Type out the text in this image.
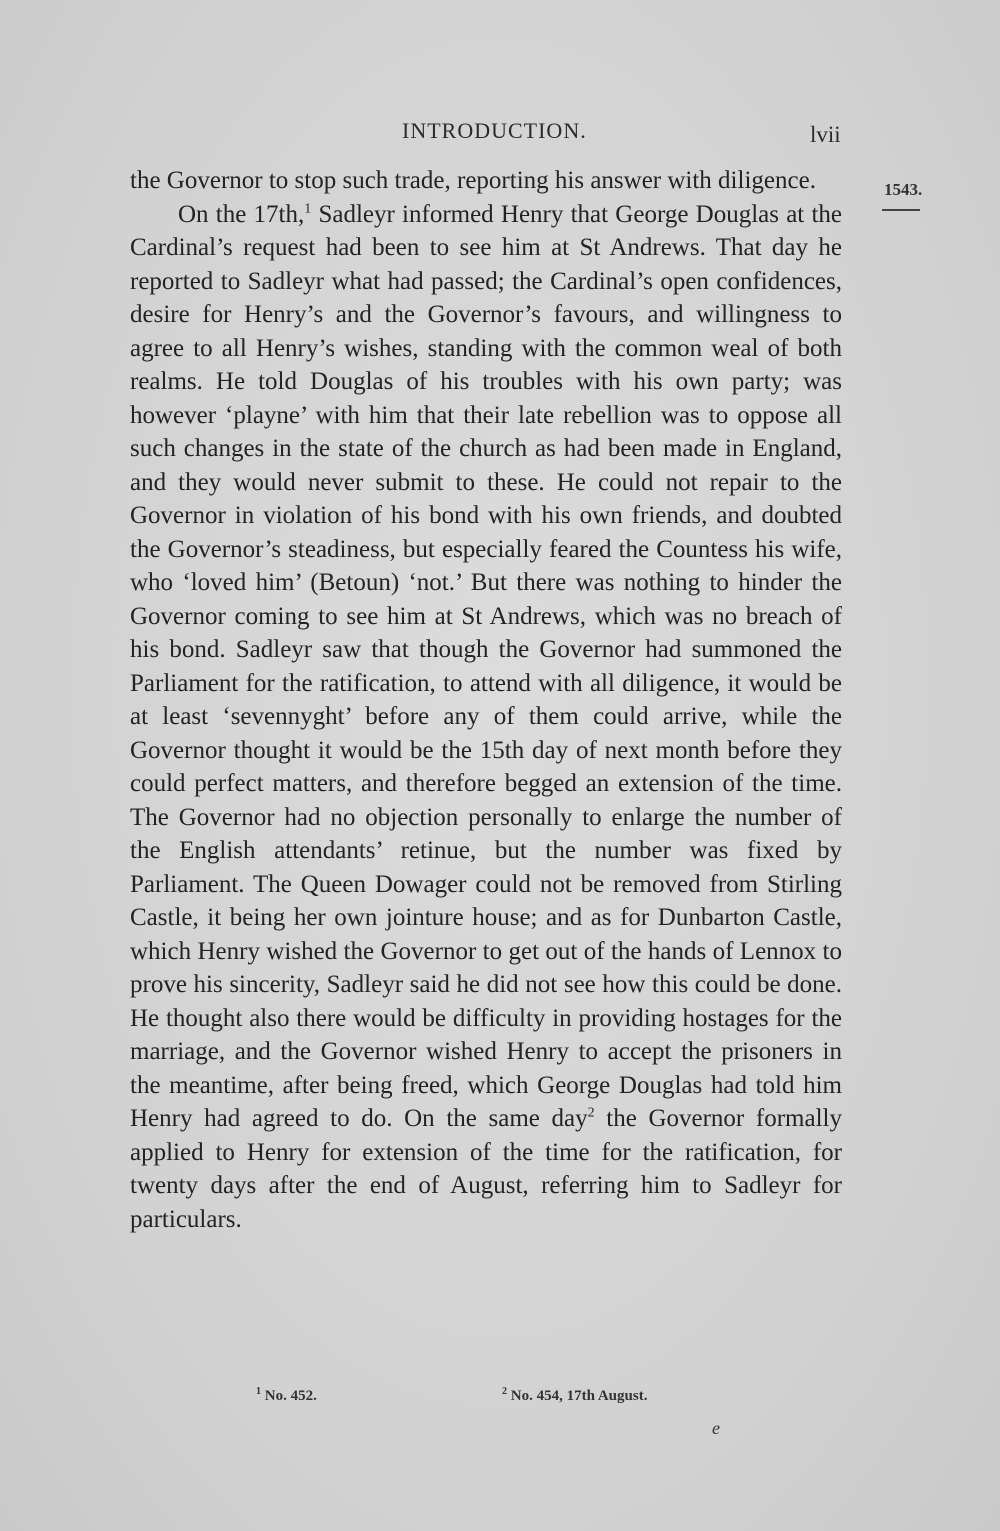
INTRODUCTION.	lvii
1543.

the Governor to stop such trade, reporting his answer with diligence.

On the 17th,$^1$ Sadleyr informed Henry that George Douglas at the Cardinal’s request had been to see him at St Andrews. That day he reported to Sadleyr what had passed; the Cardinal’s open confidences, desire for Henry’s and the Governor’s favours, and willingness to agree to all Henry’s wishes, standing with the common weal of both realms. He told Douglas of his troubles with his own party; was however ‘playne’ with him that their late rebellion was to oppose all such changes in the state of the church as had been made in England, and they would never submit to these. He could not repair to the Governor in violation of his bond with his own friends, and doubted the Governor’s steadiness, but especially feared the Countess his wife, who ‘loved him’ (Betoun) ‘not.’ But there was nothing to hinder the Governor coming to see him at St Andrews, which was no breach of his bond. Sadleyr saw that though the Governor had summoned the Parliament for the ratification, to attend with all diligence, it would be at least ‘sevennyght’ before any of them could arrive, while the Governor thought it would be the 15th day of next month before they could perfect matters, and therefore begged an extension of the time. The Governor had no objection personally to enlarge the number of the English attendants’ retinue, but the number was fixed by Parliament. The Queen Dowager could not be removed from Stirling Castle, it being her own jointure house; and as for Dunbarton Castle, which Henry wished the Governor to get out of the hands of Lennox to prove his sincerity, Sadleyr said he did not see how this could be done. He thought also there would be difficulty in providing hostages for the marriage, and the Governor wished Henry to accept the prisoners in the meantime, after being freed, which George Douglas had told him Henry had agreed to do. On the same day$^2$ the Governor formally applied to Henry for extension of the time for the ratification, for twenty days after the end of August, referring him to Sadleyr for particulars.

$^1$ No. 452.	$^2$ No. 454, 17th August.
e
